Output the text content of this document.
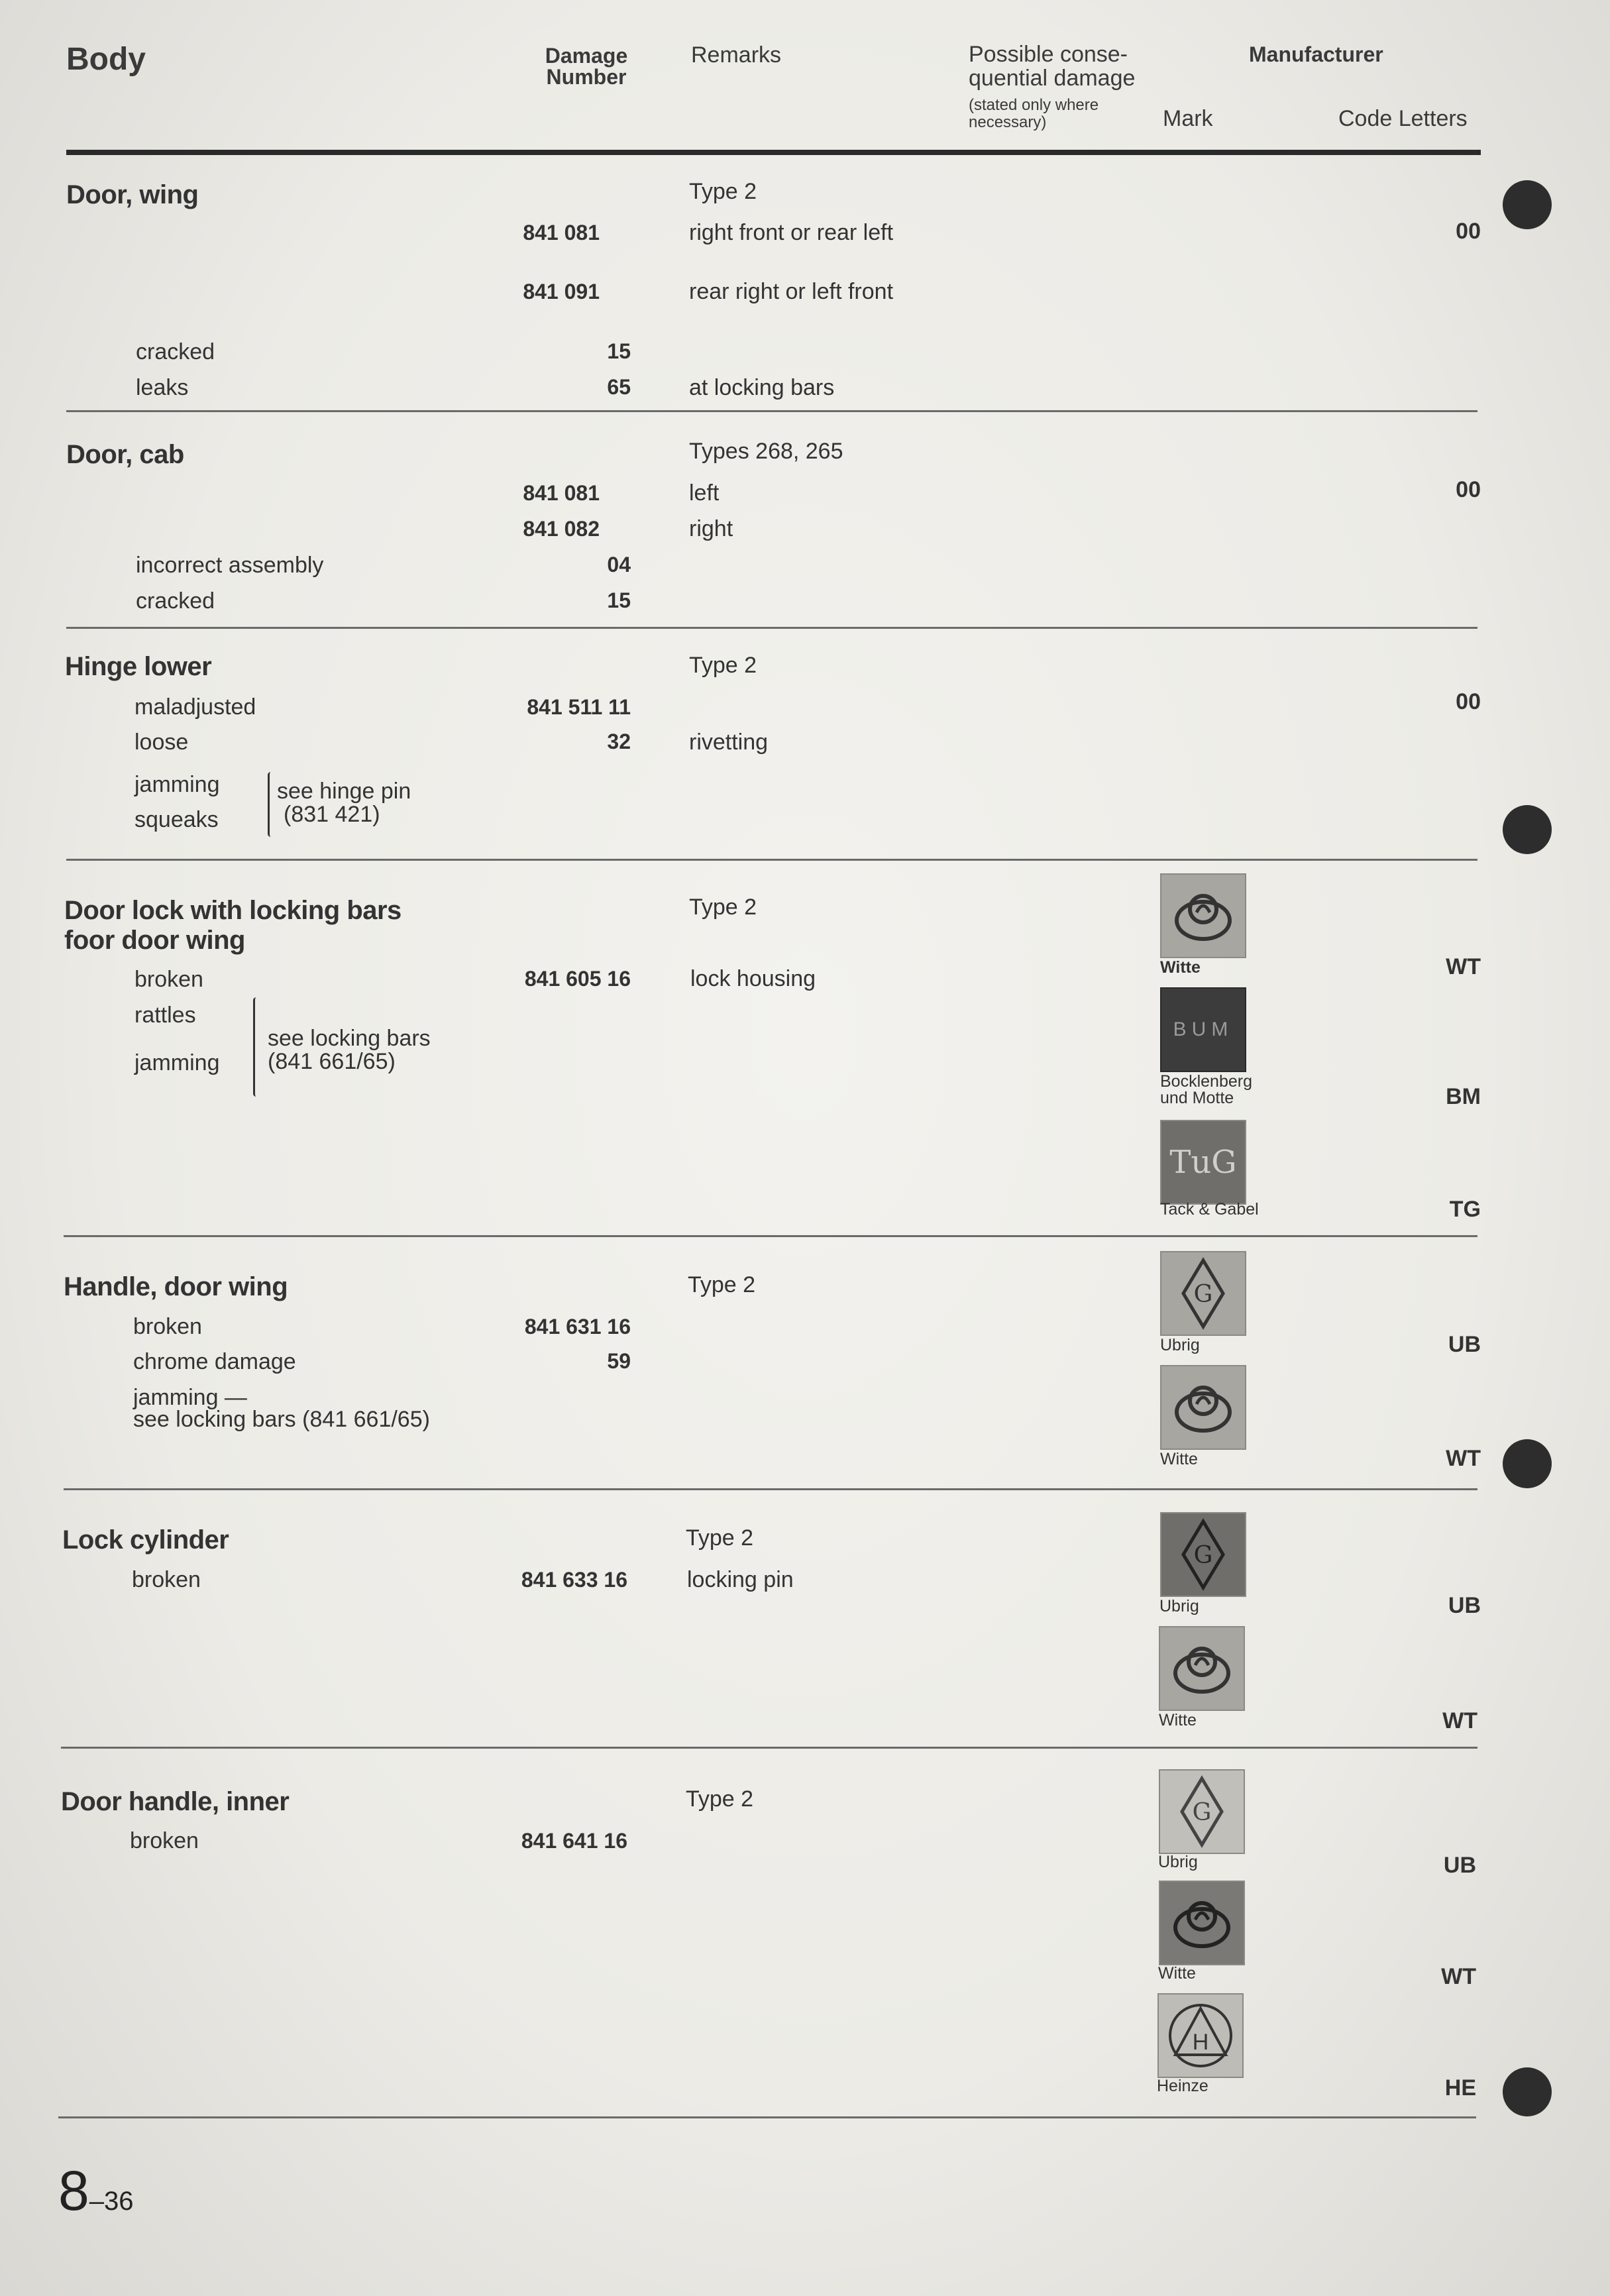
Body	Damage Number
Remarks	Possible conse-quential damage
(stated only where necessary)
Manufacturer
Mark	Code Letters
Door, wing	Type 2
841 081	right front or rear left	00
841 091	rear right or left front
cracked	15
leaks	65	at locking bars
Door, cab	Types 268, 265
841 081	left	00
841 082	right
incorrect assembly	04
cracked	15
Hinge lower	Type 2
maladjusted	841 511 11	00
loose	32	rivetting
jamming
squeaks
see hinge pin
(831 421)
Door lock with locking bars
foor door wing
Type 2
broken	841 605 16	lock housing
rattles
jamming
see locking bars
(841 661/65)
Witte	WT
BUM
Bocklenberg
und Motte	BM
TuG
Tack & Gabel	TG
Handle, door wing	Type 2
broken	841 631 16
chrome damage	59
jamming —
see locking bars (841 661/65)
G
Ubrig	UB
Witte	WT
Lock cylinder	Type 2
broken	841 633 16	locking pin
G
Ubrig	UB
Witte	WT
Door handle, inner	Type 2
broken	841 641 16
G
Ubrig	UB
Witte	WT
H
Heinze	HE
8–36
